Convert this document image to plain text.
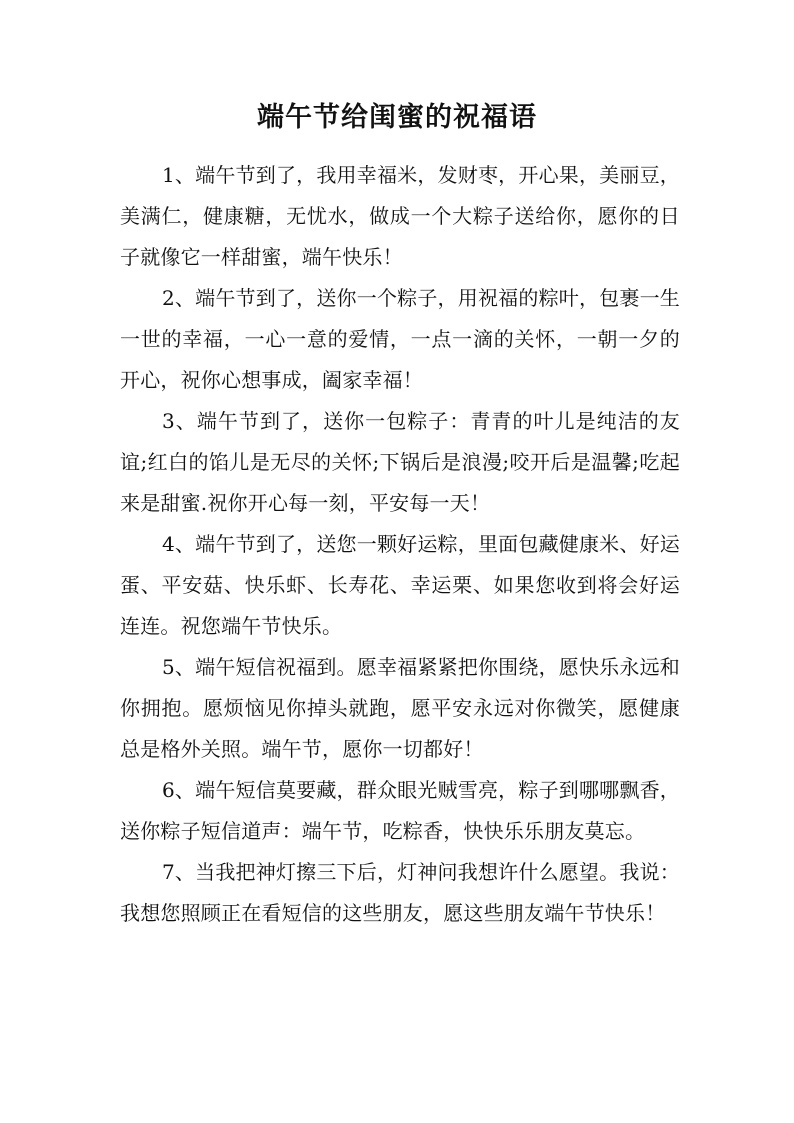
端午节给闺蜜的祝福语

1、端午节到了，我用幸福米，发财枣，开心果，美丽豆，美满仁，健康糖，无忧水，做成一个大粽子送给你，愿你的日子就像它一样甜蜜，端午快乐！

2、端午节到了，送你一个粽子，用祝福的粽叶，包裹一生一世的幸福，一心一意的爱情，一点一滴的关怀，一朝一夕的开心，祝你心想事成，阖家幸福！

3、端午节到了，送你一包粽子：青青的叶儿是纯洁的友谊;红白的馅儿是无尽的关怀;下锅后是浪漫;咬开后是温馨;吃起来是甜蜜.祝你开心每一刻，平安每一天！

4、端午节到了，送您一颗好运粽，里面包藏健康米、好运蛋、平安菇、快乐虾、长寿花、幸运栗、如果您收到将会好运连连。祝您端午节快乐。

5、端午短信祝福到。愿幸福紧紧把你围绕，愿快乐永远和你拥抱。愿烦恼见你掉头就跑，愿平安永远对你微笑，愿健康总是格外关照。端午节，愿你一切都好！

6、端午短信莫要藏，群众眼光贼雪亮，粽子到哪哪飘香，送你粽子短信道声：端午节，吃粽香，快快乐乐朋友莫忘。

7、当我把神灯擦三下后，灯神问我想许什么愿望。我说：我想您照顾正在看短信的这些朋友，愿这些朋友端午节快乐！
